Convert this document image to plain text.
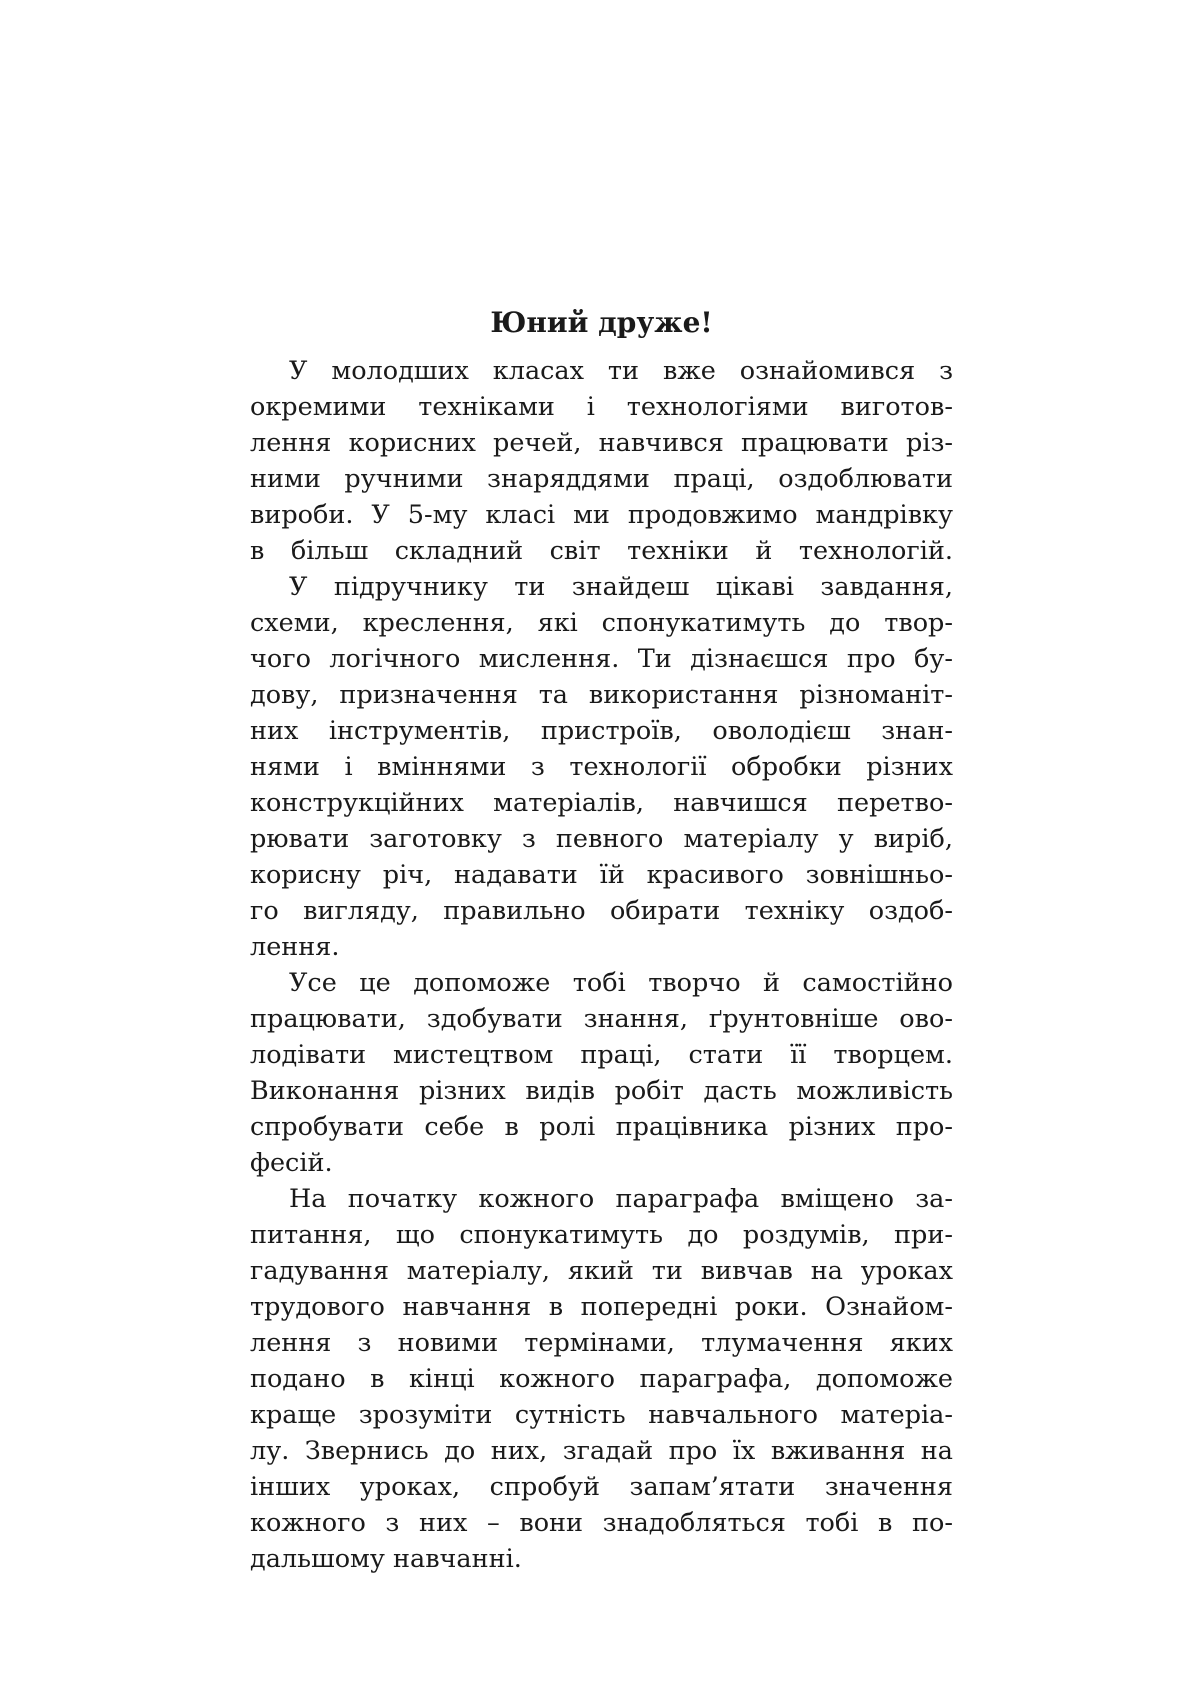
Юний друже!
У молодших класах ти вже ознайомився з
окремими техніками і технологіями виготов-
лення корисних речей, навчився працювати різ-
ними ручними знаряддями праці, оздоблювати
вироби. У 5-му класі ми продовжимо мандрівку
в більш складний світ техніки й технологій.
У підручнику ти знайдеш цікаві завдання,
схеми, креслення, які спонукатимуть до твор-
чого логічного мислення. Ти дізнаєшся про бу-
дову, призначення та використання різноманіт-
них інструментів, пристроїв, оволодієш знан-
нями і вміннями з технології обробки різних
конструкційних матеріалів, навчишся перетво-
рювати заготовку з певного матеріалу у виріб,
корисну річ, надавати їй красивого зовнішньо-
го вигляду, правильно обирати техніку оздоб-
лення.
Усе це допоможе тобі творчо й самостійно
працювати, здобувати знання, ґрунтовніше ово-
лодівати мистецтвом праці, стати її творцем.
Виконання різних видів робіт дасть можливість
спробувати себе в ролі працівника різних про-
фесій.
На початку кожного параграфа вміщено за-
питання, що спонукатимуть до роздумів, при-
гадування матеріалу, який ти вивчав на уроках
трудового навчання в попередні роки. Ознайом-
лення з новими термінами, тлумачення яких
подано в кінці кожного параграфа, допоможе
краще зрозуміти сутність навчального матеріа-
лу. Звернись до них, згадай про їх вживання на
інших уроках, спробуй запам’ятати значення
кожного з них – вони знадобляться тобі в по-
дальшому навчанні.
